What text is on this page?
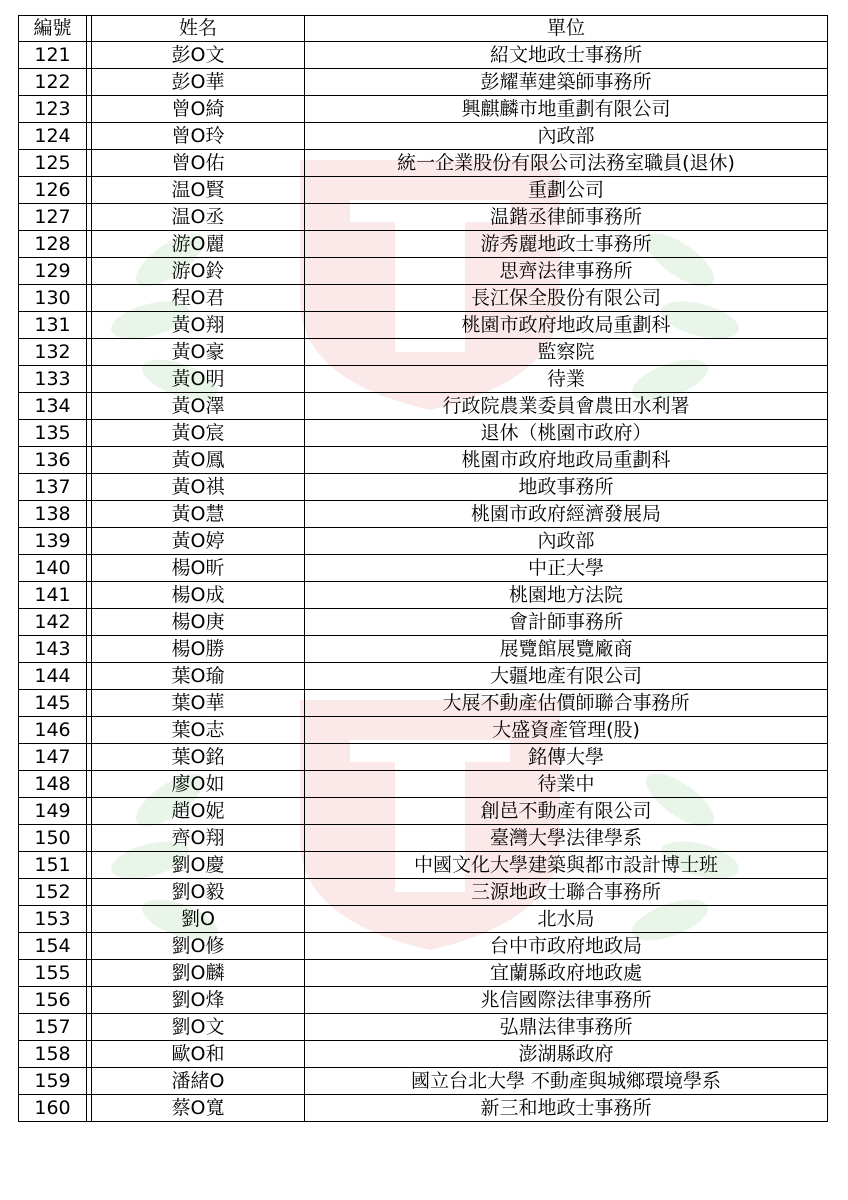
編號		姓名	單位
121		彭O文	紹文地政士事務所
122		彭O華	彭耀華建築師事務所
123		曾O綺	興麒麟市地重劃有限公司
124		曾O玲	內政部
125		曾O佑	統一企業股份有限公司法務室職員(退休)
126		温O賢	重劃公司
127		温O丞	温鍇丞律師事務所
128		游O麗	游秀麗地政士事務所
129		游O鈴	思齊法律事務所
130		程O君	長江保全股份有限公司
131		黃O翔	桃園市政府地政局重劃科
132		黃O豪	監察院
133		黃O明	待業
134		黃O澤	行政院農業委員會農田水利署
135		黃O宸	退休（桃園市政府）
136		黃O鳳	桃園市政府地政局重劃科
137		黃O祺	地政事務所
138		黃O慧	桃園市政府經濟發展局
139		黃O婷	內政部
140		楊O昕	中正大學
141		楊O成	桃園地方法院
142		楊O庚	會計師事務所
143		楊O勝	展覽館展覽廠商
144		葉O瑜	大疆地產有限公司
145		葉O華	大展不動產估價師聯合事務所
146		葉O志	大盛資產管理(股)
147		葉O銘	銘傳大學
148		廖O如	待業中
149		趙O妮	創邑不動產有限公司
150		齊O翔	臺灣大學法律學系
151		劉O慶	中國文化大學建築與都市設計博士班
152		劉O毅	三源地政士聯合事務所
153		劉O	北水局
154		劉O修	台中市政府地政局
155		劉O麟	宜蘭縣政府地政處
156		劉O烽	兆信國際法律事務所
157		劉O文	弘鼎法律事務所
158		歐O和	澎湖縣政府
159		潘緒O	國立台北大學 不動產與城鄉環境學系
160		蔡O寬	新三和地政士事務所
